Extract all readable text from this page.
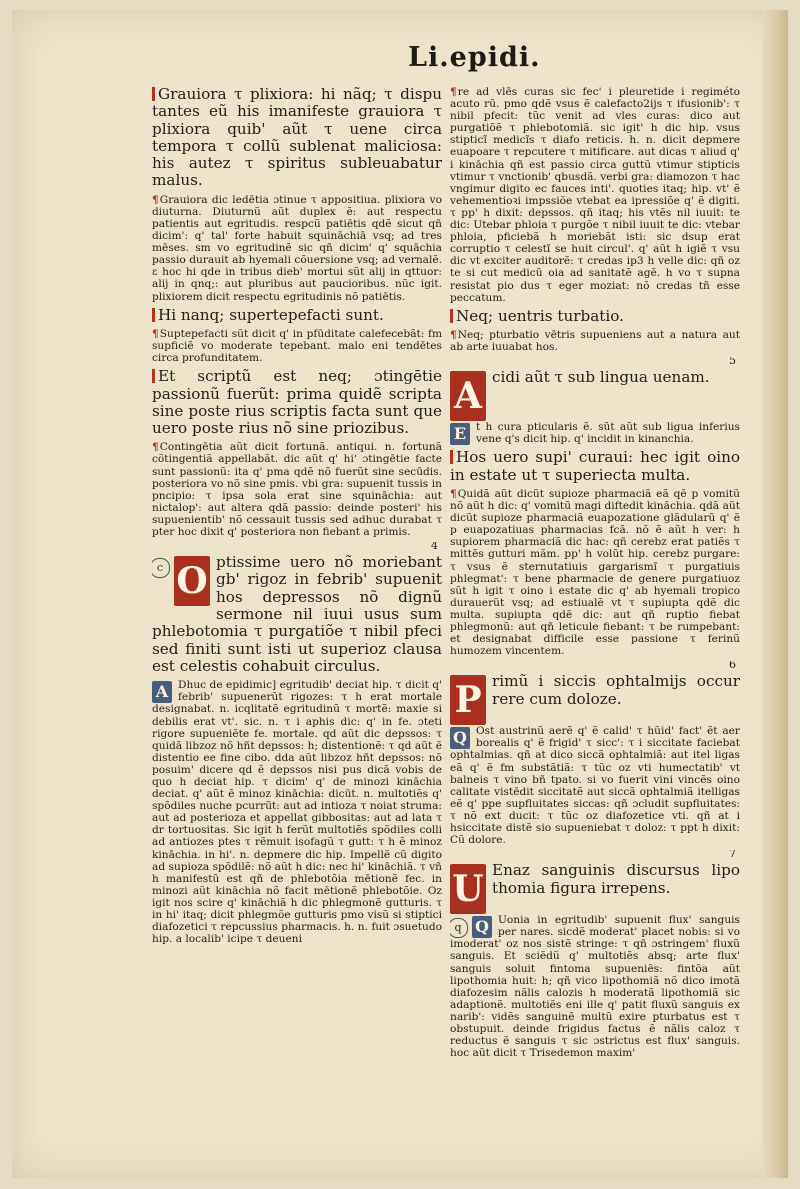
Li.epidi.

Grauiora τ plixiora: hi nãq; τ dispu tantes eũ his imanifeste grauiora τ plixiora quib' aũt τ uene circa tempora τ collũ sublenat maliciosa: his autez τ spiritus subleuabatur malus.

¶Grauiora dic ledētia ɔtinue τ appositiua. plixiora vo diuturna. Diuturnũ aũt duplex ẽ: aut respectu patientis aut egritudis. respcũ patiētis qdẽ sicut qñ dicim': q' tal' forte habuit squināchiā vsq; ad tres mēses. sm vo egritudinẽ sic qñ dicim' q' squāchia passio durauit ab hyemali cõuersione vsq; ad vernalẽ. ε hoc hi qde in tribus dieb' mortui sũt alij in qttuor: alij in qnq;: aut pluribus aut paucioribus. nũc igit. plixiorem dicit respectu egritudinis nõ patiētis.

Hi nanq; supertepefacti sunt.

¶Suptepefacti sũt dicit q' in pfūditate calefecebãt: fm supficiẽ vo moderate tepebant. malo eni tendētes circa profunditatem.

Et scriptũ est neq; ɔtingētie passionũ fuerũt: prima quidẽ scripta sine poste rius scriptis facta sunt que uero poste rius nõ sine priozibus.

¶Contingētia aũt dicit fortunã. antiqui. n. fortunã cõtingentiã appellabãt. dic aũt q' hi' ɔtingētie facte sunt passionũ: ita q' pma qdẽ nõ fuerũt sine secūdis. posteriora vo nõ sine pmis. vbi gra: supuenit tussis in pncipio: τ ipsa sola erat sine squināchia: aut nictalop': aut altera qdã passio: deinde posteri' his supuenientib' nõ cessauit tussis sed adhuc durabat τ pter hoc dixit q' posteriora non fiebant a primis.

4

c O ptissime uero nõ moriebant gb' rigoz in febrib' supuenit hos depressos nõ dignũ sermone nil iuui usus sum phlebotomia τ purgatiõe τ nibil pfeci sed finiti sunt isti ut superioz clausa est celestis cohabuit circulus.

A Dhuc de epidimic] egritudib' deciat hip. τ dicit q' febrib' supuenerũt rigozes: τ h erat mortale designabat. n. icqlitatẽ egritudinũ τ mortẽ: maxie si debilis erat vt'. sic. n. τ i aphis dic: q' in fe. ɔteti rigore supueniẽte fe. mortale. qd aũt dic depssos: τ quidã libzoz nõ hñt depssos: h; distentionẽ: τ qd aũt ẽ distentio ee fine cibo. dda aũt libzoz hñt depssos: nõ posuim' dicere qd ẽ depssos nisi pus dicã vobis de quo h deciat hip. τ dicim' q' de minozi kināchia deciat. q' aũt ẽ minoz kināchia: dicūt. n. multotiẽs q' spõdiles nuche pcurrũt: aut ad intioza τ noiat struma: aut ad posterioza et appellat gibbositas: aut ad lata τ dr tortuositas. Sic igit h ferũt multotiẽs spõdiles colli ad antiozes ptes τ rẽmuit isofagũ τ gutt: τ h ẽ minoz kināchia. in hi'. n. depmere dic hip. Impellẽ cũ digito ad supioza spõdilẽ: nõ aũt h dic: nec hi' kināchiã. τ vñ h manifestũ est qñ de phlebotõia mētionẽ fec. in minozi aũt kināchia nõ facit mētionẽ phlebotõie. Oz igit nos scire q' kināchiã h dic phlegmonẽ gutturis. τ in hi' itaq; dicit phlegmõe gutturis pmo visũ si stiptici diafozetici τ repcussius pharmacis. h. n. fuit ɔsuetudo hip. a localib' icipe τ deueni

¶re ad vlēs curas sic fec' i pleuretide i regiméto acuto rũ. pmo qdẽ vsus ẽ calefacto2ijs τ ifusionib': τ nibil pfecit: tũc venit ad vles curas: dico aut purgatiõẽ τ phlebotomiã. sic igit' h dic hip. vsus stipticĩ medicĩs τ diafo reticis. h. n. dicit depmere euapoare τ repcutere τ mitificare. aut dicas τ aliud q' i kināchia qñ est passio circa guttũ vtimur stipticis vtimur τ vnctionib' qbusdã. verbi gra: diamozon τ hac vngimur digito ec fauces inti'. quoties itaq; hip. vt' ẽ vehementioꝛi impssiõe vtebat ea ipressiõe q' ẽ digiti. τ pp' h dixit: depssos. qñ itaq; his vtẽs nil iuuit: te dic: Utebar phloia τ purgõe τ nibil iuuit te dic: vtebar phloia, pficiebã h moriebãt isti: sic dsup erat corruptio τ celestĩ se huit circul'. q' aũt h igiẽ τ vsu dic vt exciter auditorẽ: τ credas ip3 h velle dic: qñ oz te si cut medicũ oia ad sanitatẽ agẽ. h vo τ supna resistat pio dus τ eger moziat: nõ credas tñ esse peccatum.

Neq; uentris turbatio.

¶Neq; pturbatio vētris supueniens aut a natura aut ab arte iuuabat hos.

5

A cidi aũt τ sub lingua uenam.

E t h cura pticularis ẽ. sũt aũt sub ligua inferius vene q's dicit hip. q' incidit in kinanchia.

Hos uero supi' curaui: hec igit oino in estate ut τ superiecta multa.

¶Quidã aũt dicũt supioze pharmaciã eã qẽ p vomitũ nõ aũt h dic: q' vomitũ magi diftedit kinãchia. qdã aũt dicũt supioze pharmaciã euapozatione glãdularũ q' ẽ p euapozatiuas pharmacias fcã. nõ ẽ aũt h ver: h supiorem pharmaciã dic hac: qñ cerebz erat patiẽs τ mittẽs gutturi mãm. pp' h volũt hip. cerebz purgare: τ vsus ẽ sternutatiuis gargarismĩ τ purgatiuis phlegmat': τ bene pharmacie de genere purgatiuoz sũt h igit τ oino i estate dic q' ab hyemali tropico durauerũt vsq; ad estiualẽ vt τ supiupta qdẽ dic multa. supiupta qdẽ dic: aut qñ ruptio fiebat phlegmonũ: aut qñ leticule fiebant: τ be rumpebant: et designabat difficile esse passione τ ferinũ humozem vincentem.

6

P rimũ i siccis ophtalmijs occur rere cum doloze.

Q Ost austrinũ aerẽ q' ẽ calid' τ hũid' fact' ẽt aer borealis q' ẽ frigid' τ sicc': τ i siccitate faciebat ophtalmias. qñ at dico siccã ophtalmiã: aut itel ligas eã q' ẽ fm substãtiã: τ tũc oz vti humectatib' vt balneis τ vino bñ tpato. si vo fuerit vini vincẽs oino calitate vistēdit siccitatẽ aut siccã ophtalmiã itelligas eẽ q' ppe supfluitates siccas: qñ ɔcludit supfluitates: τ nõ ext ducit: τ tũc oz diafozetice vti. qñ at i hsiccitate distẽ sio supueniebat τ doloz: τ ppt h dixit: Cũ dolore.

7

U Enaz sanguinis discursus lipo thomia figura irrepens.

q Q Uonia in egritudib' supuenit flux' sanguis per nares. sicdẽ moderat' placet nobis: si vo imoderat' oz nos sistẽ stringe: τ qñ ɔstringem' fluxũ sanguis. Et sciẽdũ q' multotiẽs absq; arte flux' sanguis soluit fintoma supueniẽs: fintõa aũt lipothomia huit: h; qñ vico lipothomiã nõ dico imotã diafozesim nãlis calozis h moderatã lipothomiã sic adaptionẽ. multotiẽs eni ille q' patit fluxũ sanguis ex narib': vidẽs sanguinẽ multũ exire pturbatus est τ obstupuit. deinde frigidus factus ẽ nãlis caloz τ reductus ẽ sanguis τ sic ɔstrictus est flux' sanguis. hoc aũt dicit τ Trisedemon maxim'
